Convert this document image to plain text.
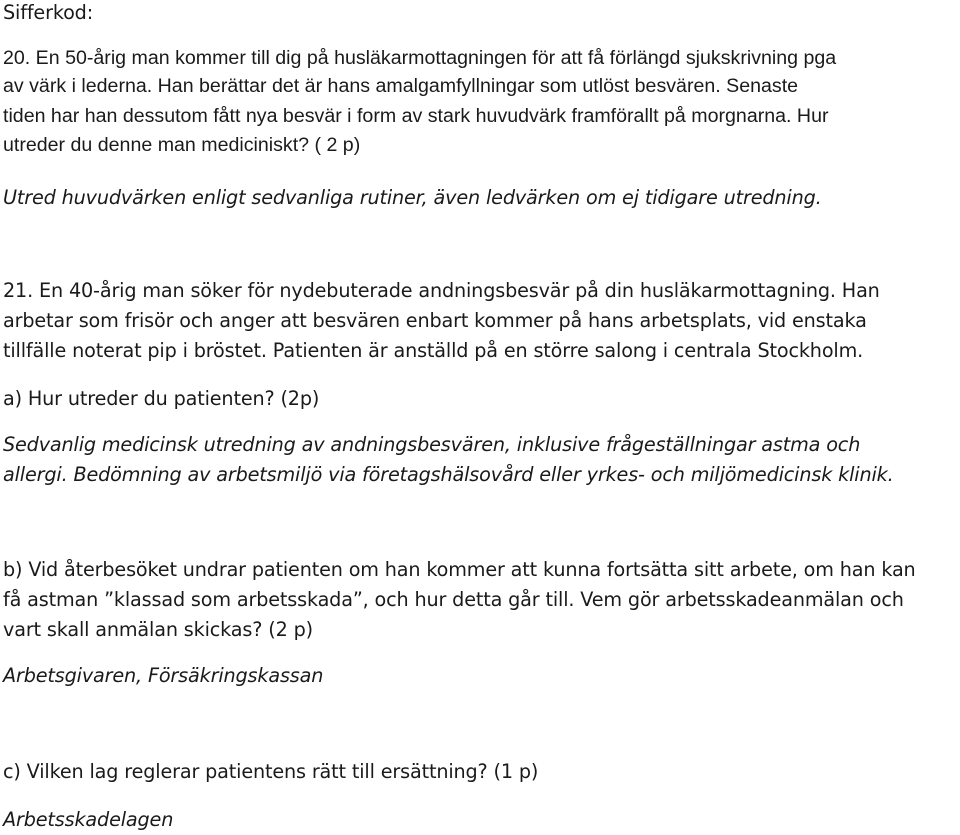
Sifferkod:
20. En 50-årig man kommer till dig på husläkarmottagningen för att få förlängd sjukskrivning pga
av värk i lederna. Han berättar det är hans amalgamfyllningar som utlöst besvären. Senaste
tiden har han dessutom fått nya besvär i form av stark huvudvärk framförallt på morgnarna. Hur
utreder du denne man mediciniskt? ( 2 p)
Utred huvudvärken enligt sedvanliga rutiner, även ledvärken om ej tidigare utredning.
21. En 40-årig man söker för nydebuterade andningsbesvär på din husläkarmottagning. Han
arbetar som frisör och anger att besvären enbart kommer på hans arbetsplats, vid enstaka
tillfälle noterat pip i bröstet. Patienten är anställd på en större salong i centrala Stockholm.
a) Hur utreder du patienten? (2p)
Sedvanlig medicinsk utredning av andningsbesvären, inklusive frågeställningar astma och
allergi. Bedömning av arbetsmiljö via företagshälsovård eller yrkes- och miljömedicinsk klinik.
b) Vid återbesöket undrar patienten om han kommer att kunna fortsätta sitt arbete, om han kan
få astman ”klassad som arbetsskada”, och hur detta går till. Vem gör arbetsskadeanmälan och
vart skall anmälan skickas? (2 p)
Arbetsgivaren, Försäkringskassan
c) Vilken lag reglerar patientens rätt till ersättning? (1 p)
Arbetsskadelagen
